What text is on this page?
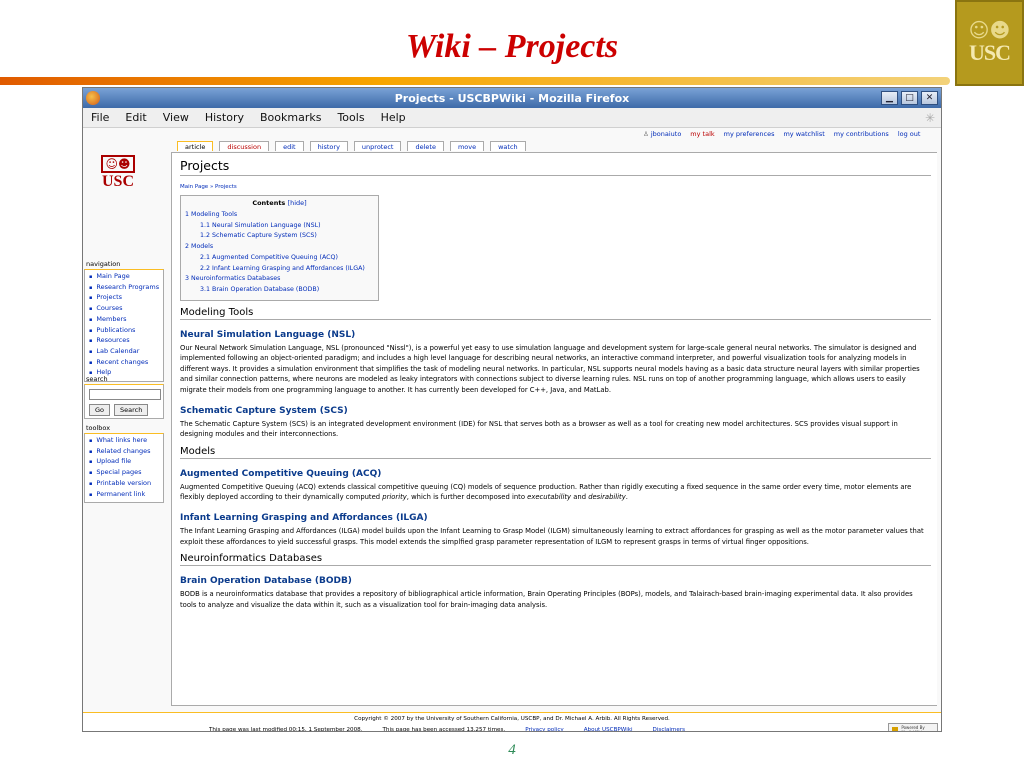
Wiki – Projects	☺☻
USC
Projects - USCBPWiki - Mozilla Firefox	▁	□	✕
File	Edit	View	History	Bookmarks	Tools	Help	✳
♙ jbonaiuto my talk my preferences my watchlist my contributions log out
article	discussion	edit	history	unprotect	delete	move	watch
☺☻
USC
navigation
▪ Main Page
▪ Research Programs
▪ Projects
▪ Courses
▪ Members
▪ Publications
▪ Resources
▪ Lab Calendar
▪ Recent changes
▪ Help
search
Go	Search
toolbox
▪ What links here
▪ Related changes
▪ Upload file
▪ Special pages
▪ Printable version
▪ Permanent link
Projects
Main Page » Projects
Contents [hide]
1 Modeling Tools
1.1 Neural Simulation Language (NSL)
1.2 Schematic Capture System (SCS)
2 Models
2.1 Augmented Competitive Queuing (ACQ)
2.2 Infant Learning Grasping and Affordances (ILGA)
3 Neuroinformatics Databases
3.1 Brain Operation Database (BODB)
Modeling Tools
Neural Simulation Language (NSL)
Our Neural Network Simulation Language, NSL (pronounced "Nissl"), is a powerful yet easy to use simulation language and development system for large-scale general neural networks. The simulator is designed and implemented following an object-oriented paradigm; and includes a high level language for describing neural networks, an interactive command interpreter, and powerful visualization tools for analyzing models in different ways. It provides a simulation environment that simplifies the task of modeling neural networks. In particular, NSL supports neural models having as a basic data structure neural layers with similar properties and similar connection patterns, where neurons are modeled as leaky integrators with connections subject to diverse learning rules. NSL runs on top of another programming language, which allows users to easily migrate their models from one programming language to another. It has currently been developed for C++, Java, and MatLab.
Schematic Capture System (SCS)
The Schematic Capture System (SCS) is an integrated development environment (IDE) for NSL that serves both as a browser as well as a tool for creating new model architectures. SCS provides visual support in designing modules and their interconnections.
Models
Augmented Competitive Queuing (ACQ)
Augmented Competitive Queuing (ACQ) extends classical competitive queuing (CQ) models of sequence production. Rather than rigidly executing a fixed sequence in the same order every time, motor elements are flexibly deployed according to their dynamically computed priority, which is further decomposed into executability and desirability.
Infant Learning Grasping and Affordances (ILGA)
The Infant Learning Grasping and Affordances (ILGA) model builds upon the Infant Learning to Grasp Model (ILGM) simultaneously learning to extract affordances for grasping as well as the motor parameter values that exploit these affordances to yield successful grasps. This model extends the simplfied grasp parameter representation of ILGM to represent grasps in terms of virtual finger oppositions.
Neuroinformatics Databases
Brain Operation Database (BODB)
BODB is a neuroinformatics database that provides a repository of bibliographical article information, Brain Operating Principles (BOPs), models, and Talairach-based brain-imaging experimental data. It also provides tools to analyze and visualize the data within it, such as a visualization tool for brain-imaging data analysis.
Copyright © 2007 by the University of Southern California, USCBP, and Dr. Michael A. Arbib. All Rights Reserved.
This page was last modified 00:15, 1 September 2008.	This page has been accessed 13,257 times.	Privacy policy	About USCBPWiki	Disclaimers	Powered By MediaWiki
4
